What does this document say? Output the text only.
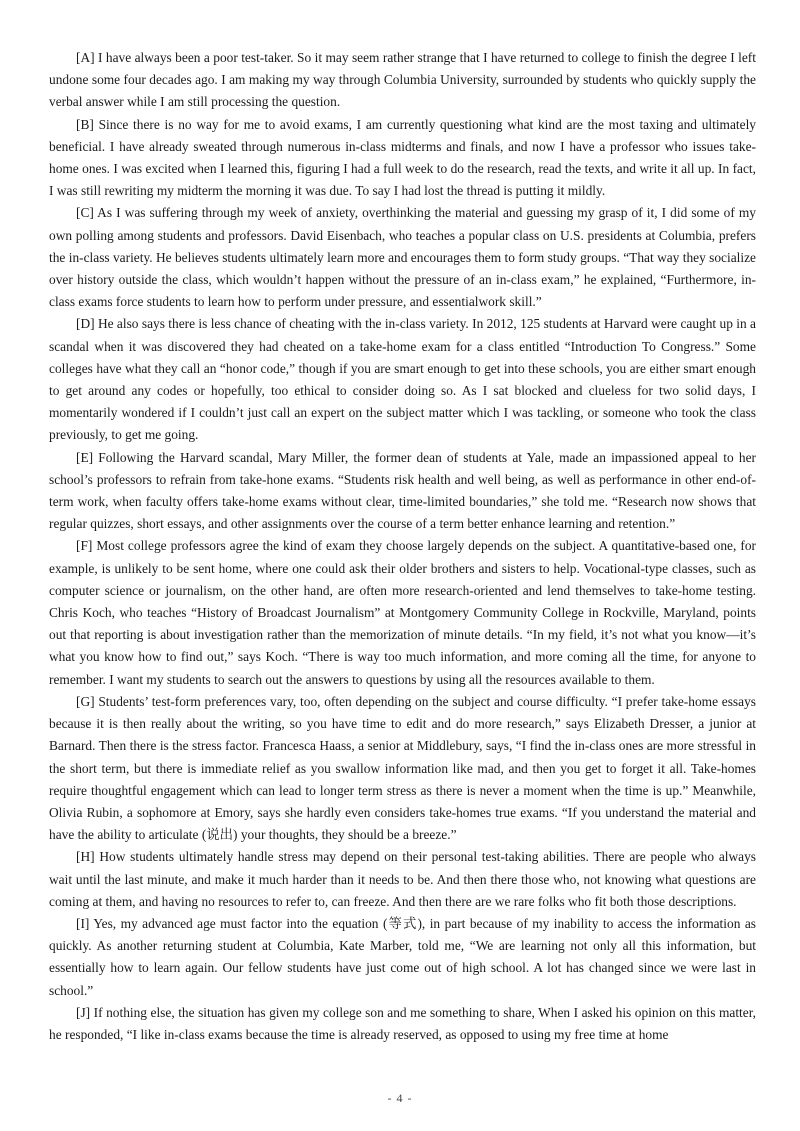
[A] I have always been a poor test-taker. So it may seem rather strange that I have returned to college to finish the degree I left undone some four decades ago. I am making my way through Columbia University, surrounded by students who quickly supply the verbal answer while I am still processing the question.

[B] Since there is no way for me to avoid exams, I am currently questioning what kind are the most taxing and ultimately beneficial. I have already sweated through numerous in-class midterms and finals, and now I have a professor who issues take-home ones. I was excited when I learned this, figuring I had a full week to do the research, read the texts, and write it all up. In fact, I was still rewriting my midterm the morning it was due. To say I had lost the thread is putting it mildly.

[C] As I was suffering through my week of anxiety, overthinking the material and guessing my grasp of it, I did some of my own polling among students and professors. David Eisenbach, who teaches a popular class on U.S. presidents at Columbia, prefers the in-class variety. He believes students ultimately learn more and encourages them to form study groups. “That way they socialize over history outside the class, which wouldn’t happen without the pressure of an in-class exam,” he explained, “Furthermore, in-class exams force students to learn how to perform under pressure, and essentialwork skill.”

[D] He also says there is less chance of cheating with the in-class variety. In 2012, 125 students at Harvard were caught up in a scandal when it was discovered they had cheated on a take-home exam for a class entitled “Introduction To Congress.” Some colleges have what they call an “honor code,” though if you are smart enough to get into these schools, you are either smart enough to get around any codes or hopefully, too ethical to consider doing so. As I sat blocked and clueless for two solid days, I momentarily wondered if I couldn’t just call an expert on the subject matter which I was tackling, or someone who took the class previously, to get me going.

[E] Following the Harvard scandal, Mary Miller, the former dean of students at Yale, made an impassioned appeal to her school’s professors to refrain from take-hone exams. “Students risk health and well being, as well as performance in other end-of-term work, when faculty offers take-home exams without clear, time-limited boundaries,” she told me. “Research now shows that regular quizzes, short essays, and other assignments over the course of a term better enhance learning and retention.”

[F] Most college professors agree the kind of exam they choose largely depends on the subject. A quantitative-based one, for example, is unlikely to be sent home, where one could ask their older brothers and sisters to help. Vocational-type classes, such as computer science or journalism, on the other hand, are often more research-oriented and lend themselves to take-home testing. Chris Koch, who teaches “History of Broadcast Journalism” at Montgomery Community College in Rockville, Maryland, points out that reporting is about investigation rather than the memorization of minute details. “In my field, it’s not what you know—it’s what you know how to find out,” says Koch. “There is way too much information, and more coming all the time, for anyone to remember. I want my students to search out the answers to questions by using all the resources available to them.

[G] Students’ test-form preferences vary, too, often depending on the subject and course difficulty. “I prefer take-home essays because it is then really about the writing, so you have time to edit and do more research,” says Elizabeth Dresser, a junior at Barnard. Then there is the stress factor. Francesca Haass, a senior at Middlebury, says, “I find the in-class ones are more stressful in the short term, but there is immediate relief as you swallow information like mad, and then you get to forget it all. Take-homes require thoughtful engagement which can lead to longer term stress as there is never a moment when the time is up.” Meanwhile, Olivia Rubin, a sophomore at Emory, says she hardly even considers take-homes true exams. “If you understand the material and have the ability to articulate (说出) your thoughts, they should be a breeze.”

[H] How students ultimately handle stress may depend on their personal test-taking abilities. There are people who always wait until the last minute, and make it much harder than it needs to be. And then there those who, not knowing what questions are coming at them, and having no resources to refer to, can freeze. And then there are we rare folks who fit both those descriptions.

[I] Yes, my advanced age must factor into the equation (等式), in part because of my inability to access the information as quickly. As another returning student at Columbia, Kate Marber, told me, “We are learning not only all this information, but essentially how to learn again. Our fellow students have just come out of high school. A lot has changed since we were last in school.”

[J] If nothing else, the situation has given my college son and me something to share, When I asked his opinion on this matter, he responded, “I like in-class exams because the time is already reserved, as opposed to using my free time at home

- 4 -
